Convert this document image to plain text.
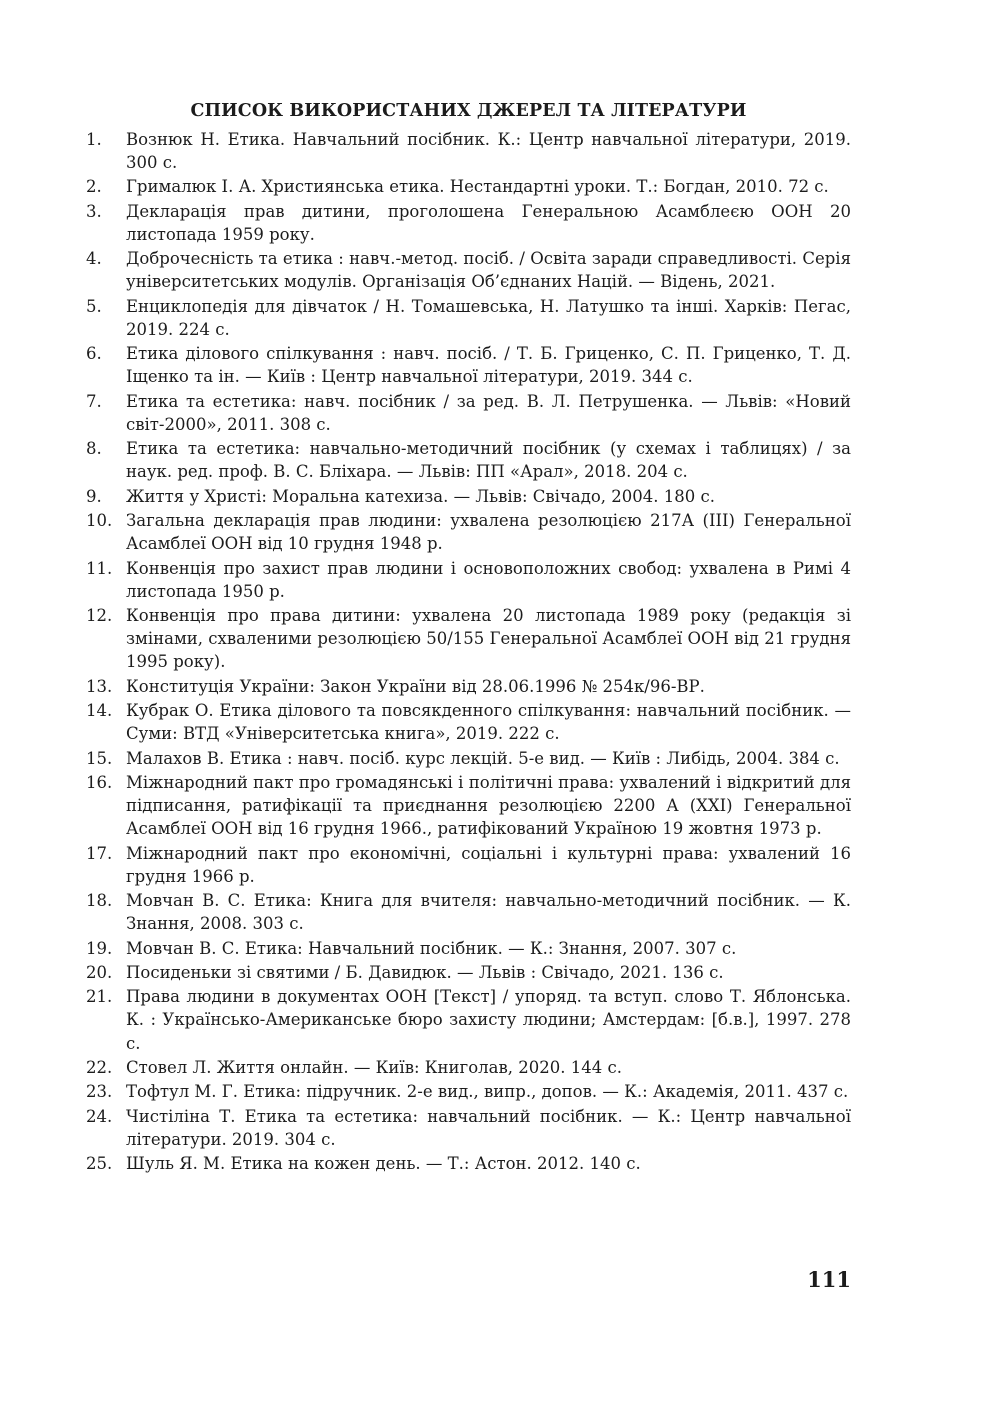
СПИСОК ВИКОРИСТАНИХ ДЖЕРЕЛ ТА ЛІТЕРАТУРИ
1.	Вознюк Н. Етика. Навчальний посібник. К.: Центр навчальної літератури, 2019. 300 с.
2.	Грималюк І. А. Християнська етика. Нестандартні уроки. Т.: Богдан, 2010. 72 с.
3.	Декларація прав дитини, проголошена Генеральною Асамблеєю ООН 20 листопада 1959 року.
4.	Доброчесність та етика : навч.-метод. посіб. / Освіта заради справедливості. Серія університетських модулів. Організація Об’єднаних Націй. — Відень, 2021.
5.	Енциклопедія для дівчаток / Н. Томашевська, Н. Латушко та інші. Харків: Пегас, 2019. 224 с.
6.	Етика ділового спілкування : навч. посіб. / Т. Б. Гриценко, С. П. Гриценко, Т. Д. Іщенко та ін. — Київ : Центр навчальної літератури, 2019. 344 с.
7.	Етика та естетика: навч. посібник / за ред. В. Л. Петрушенка. — Львів: «Новий світ-2000», 2011. 308 с.
8.	Етика та естетика: навчально-методичний посібник (у схемах і таблицях) / за наук. ред. проф. В. С. Бліхара. — Львів: ПП «Арал», 2018. 204 с.
9.	Життя у Христі: Моральна катехиза. — Львів: Свічадо, 2004. 180 с.
10. Загальна декларація прав людини: ухвалена резолюцією 217А (ІІІ) Генеральної Асамблеї ООН від 10 грудня 1948 р.
11. Конвенція про захист прав людини і основоположних свобод: ухвалена в Римі 4 листопада 1950 р.
12. Конвенція про права дитини: ухвалена 20 листопада 1989 року (редакція зі змінами, схваленими резолюцією 50/155 Генеральної Асамблеї ООН від 21 грудня 1995 року).
13. Конституція України: Закон України від 28.06.1996 № 254к/96-ВР.
14. Кубрак О. Етика ділового та повсякденного спілкування: навчальний посібник. — Суми: ВТД «Університетська книга», 2019. 222 с.
15. Малахов В. Етика : навч. посіб. курс лекцій. 5-е вид. — Київ : Либідь, 2004. 384 с.
16. Міжнародний пакт про громадянські і політичні права: ухвалений і відкритий для підписання, ратифікації та приєднання резолюцією 2200 А (XXI) Генеральної Асамблеї ООН від 16 грудня 1966., ратифікований Україною 19 жовтня 1973 р.
17. Міжнародний пакт про економічні, соціальні і культурні права: ухвалений 16 грудня 1966 р.
18. Мовчан В. С. Етика: Книга для вчителя: навчально-методичний посібник. — К. Знання, 2008. 303 с.
19. Мовчан В. С. Етика: Навчальний посібник. — К.: Знання, 2007. 307 с.
20. Посиденьки зі святими / Б. Давидюк. — Львів : Свічадо, 2021. 136 с.
21. Права людини в документах ООН [Текст] / упоряд. та вступ. слово Т. Яблонська. К. : Українсько-Американське бюро захисту людини; Амстердам: [б.в.], 1997. 278 с.
22. Стовел Л. Життя онлайн. — Київ: Книголав, 2020. 144 с.
23. Тофтул М. Г. Етика: підручник. 2-е вид., випр., допов. — К.: Академія, 2011. 437 с.
24. Чистіліна Т. Етика та естетика: навчальний посібник. — К.: Центр навчальної літератури. 2019. 304 с.
25. Шуль Я. М. Етика на кожен день. — Т.: Астон. 2012. 140 с.
111
